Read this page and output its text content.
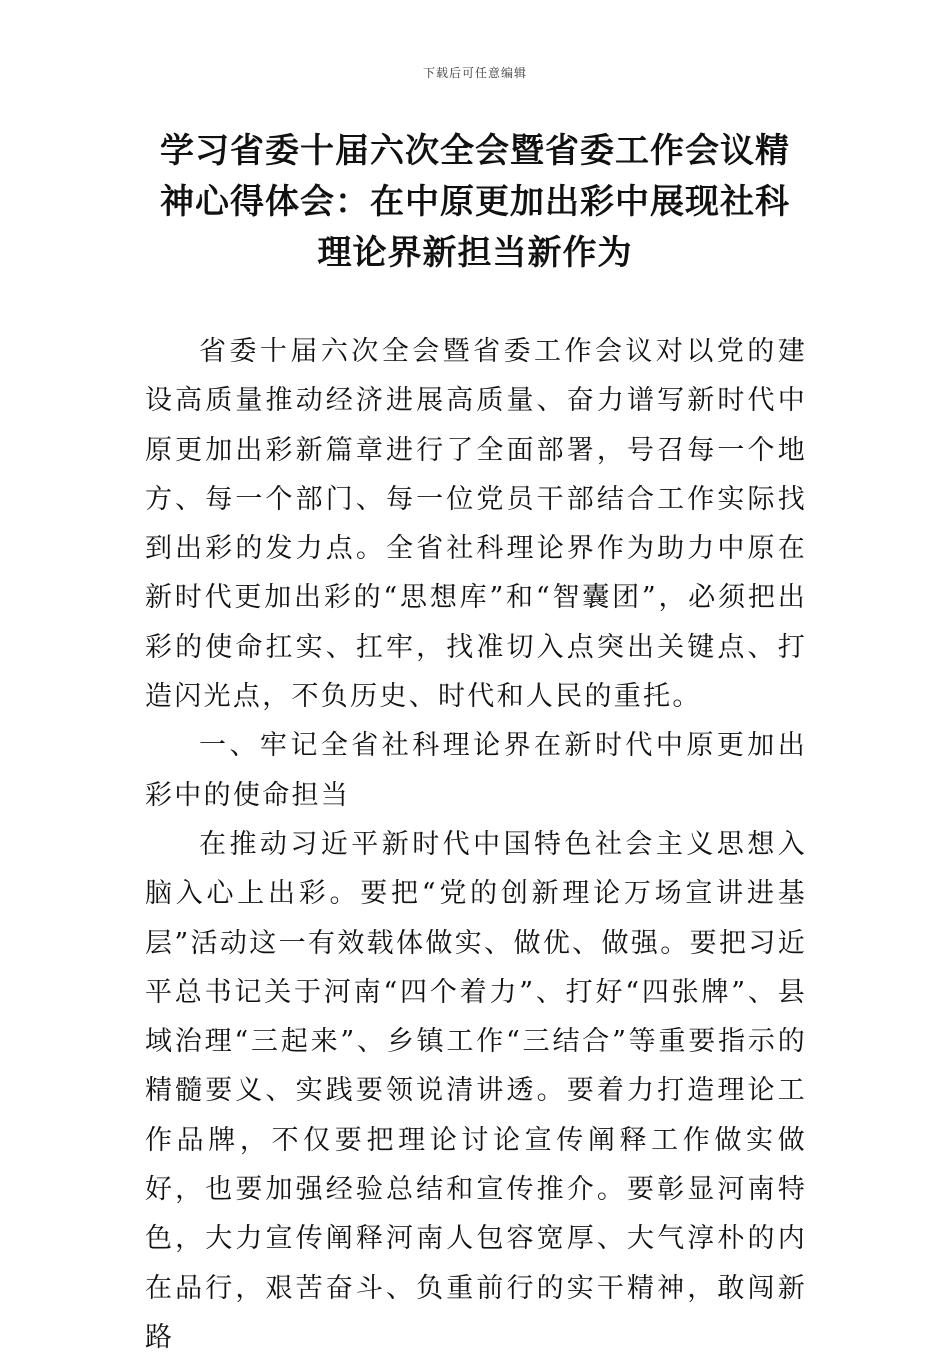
下载后可任意编辑
学习省委十届六次全会暨省委工作会议精神心得体会：在中原更加出彩中展现社科理论界新担当新作为

省委十届六次全会暨省委工作会议对以党的建设高质量推动经济进展高质量、奋力谱写新时代中原更加出彩新篇章进行了全面部署，号召每一个地方、每一个部门、每一位党员干部结合工作实际找到出彩的发力点。全省社科理论界作为助力中原在新时代更加出彩的“思想库”和“智囊团”，必须把出彩的使命扛实、扛牢，找准切入点突出关键点、打造闪光点，不负历史、时代和人民的重托。

一、牢记全省社科理论界在新时代中原更加出彩中的使命担当

在推动习近平新时代中国特色社会主义思想入脑入心上出彩。要把“党的创新理论万场宣讲进基层”活动这一有效载体做实、做优、做强。要把习近平总书记关于河南“四个着力”、打好“四张牌”、县域治理“三起来”、乡镇工作“三结合”等重要指示的精髓要义、实践要领说清讲透。要着力打造理论工作品牌，不仅要把理论讨论宣传阐释工作做实做好，也要加强经验总结和宣传推介。要彰显河南特色，大力宣传阐释河南人包容宽厚、大气淳朴的内在品行，艰苦奋斗、负重前行的实干精神，敢闯新路
